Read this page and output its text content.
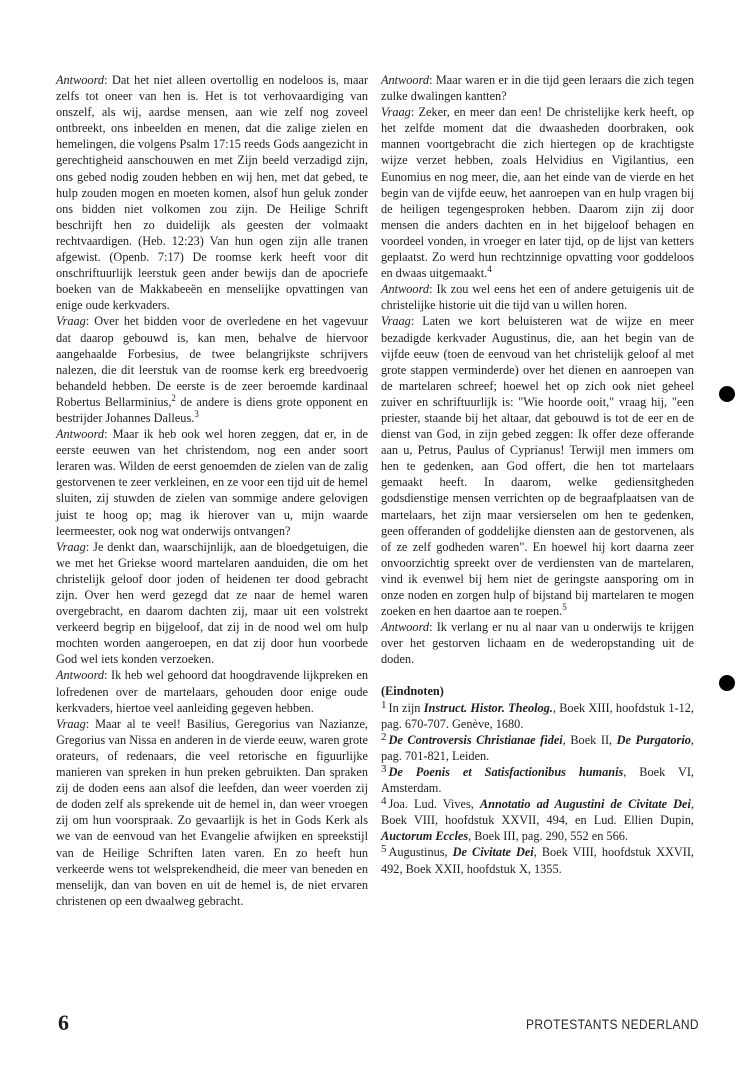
Antwoord: Dat het niet alleen overtollig en nodeloos is, maar zelfs tot oneer van hen is. Het is tot verhovaardiging van onszelf, als wij, aardse mensen, aan wie zelf nog zoveel ontbreekt, ons inbeelden en menen, dat die zalige zielen en hemelingen, die volgens Psalm 17:15 reeds Gods aangezicht in gerechtigheid aanschouwen en met Zijn beeld verzadigd zijn, ons gebed nodig zouden hebben en wij hen, met dat gebed, te hulp zouden mogen en moeten komen, alsof hun geluk zonder ons bidden niet volkomen zou zijn. De Heilige Schrift beschrijft hen zo duidelijk als geesten der volmaakt rechtvaardigen. (Heb. 12:23) Van hun ogen zijn alle tranen afgewist. (Openb. 7:17) De roomse kerk heeft voor dit onschriftuurlijk leerstuk geen ander bewijs dan de apocriefe boeken van de Makkabeeën en menselijke opvattingen van enige oude kerkvaders.

Vraag: Over het bidden voor de overledene en het vagevuur dat daarop gebouwd is, kan men, behalve de hiervoor aangehaalde Forbesius, de twee belangrijkste schrijvers nalezen, die dit leerstuk van de roomse kerk erg breedvoerig behandeld hebben. De eerste is de zeer beroemde kardinaal Robertus Bellarminius,$^2$ de andere is diens grote opponent en bestrijder Johannes Dalleus.$^3$

Antwoord: Maar ik heb ook wel horen zeggen, dat er, in de eerste eeuwen van het christendom, nog een ander soort leraren was. Wilden de eerst genoemden de zielen van de zalig gestorvenen te zeer verkleinen, en ze voor een tijd uit de hemel sluiten, zij stuwden de zielen van sommige andere gelovigen juist te hoog op; mag ik hierover van u, mijn waarde leermeester, ook nog wat onderwijs ontvangen?

Vraag: Je denkt dan, waarschijnlijk, aan de bloedgetuigen, die we met het Griekse woord martelaren aanduiden, die om het christelijk geloof door joden of heidenen ter dood gebracht zijn. Over hen werd gezegd dat ze naar de hemel waren overgebracht, en daarom dachten zij, maar uit een volstrekt verkeerd begrip en bijgeloof, dat zij in de nood wel om hulp mochten worden aangeroepen, en dat zij door hun voorbede God wel iets konden verzoeken.

Antwoord: Ik heb wel gehoord dat hoogdravende lijkpreken en lofredenen over de martelaars, gehouden door enige oude kerkvaders, hiertoe veel aanleiding gegeven hebben.

Vraag: Maar al te veel! Basilius, Geregorius van Nazianze, Gregorius van Nissa en anderen in de vierde eeuw, waren grote orateurs, of redenaars, die veel retorische en figuurlijke manieren van spreken in hun preken gebruikten. Dan spraken zij de doden eens aan alsof die leefden, dan weer voerden zij de doden zelf als sprekende uit de hemel in, dan weer vroegen zij om hun voorspraak. Zo gevaarlijk is het in Gods Kerk als we van de eenvoud van het Evangelie afwijken en spreekstijl van de Heilige Schriften laten varen. En zo heeft hun verkeerde wens tot welsprekendheid, die meer van beneden en menselijk, dan van boven en uit de hemel is, de niet ervaren christenen op een dwaalweg gebracht.

Antwoord: Maar waren er in die tijd geen leraars die zich tegen zulke dwalingen kantten?

Vraag: Zeker, en meer dan een! De christelijke kerk heeft, op het zelfde moment dat die dwaasheden doorbraken, ook mannen voortgebracht die zich hiertegen op de krachtigste wijze verzet hebben, zoals Helvidius en Vigilantius, een Eunomius en nog meer, die, aan het einde van de vierde en het begin van de vijfde eeuw, het aanroepen van en hulp vragen bij de heiligen tegengesproken hebben. Daarom zijn zij door mensen die anders dachten en in het bijgeloof behagen en voordeel vonden, in vroeger en later tijd, op de lijst van ketters geplaatst. Zo werd hun rechtzinnige opvatting voor goddeloos en dwaas uitgemaakt.$^4$

Antwoord: Ik zou wel eens het een of andere getuigenis uit de christelijke historie uit die tijd van u willen horen.

Vraag: Laten we kort beluisteren wat de wijze en meer bezadigde kerkvader Augustinus, die, aan het begin van de vijfde eeuw (toen de eenvoud van het christelijk geloof al met grote stappen verminderde) over het dienen en aanroepen van de martelaren schreef; hoewel het op zich ook niet geheel zuiver en schriftuurlijk is: "Wie hoorde ooit," vraag hij, "een priester, staande bij het altaar, dat gebouwd is tot de eer en de dienst van God, in zijn gebed zeggen: Ik offer deze offerande aan u, Petrus, Paulus of Cyprianus! Terwijl men immers om hen te gedenken, aan God offert, die hen tot martelaars gemaakt heeft. In daarom, welke gediensitgheden godsdienstige mensen verrichten op de begraafplaatsen van de martelaars, het zijn maar versierselen om hen te gedenken, geen offeranden of goddelijke diensten aan de gestorvenen, als of ze zelf godheden waren". En hoewel hij kort daarna zeer onvoorzichtig spreekt over de verdiensten van de martelaren, vind ik evenwel bij hem niet de geringste aansporing om in onze noden en zorgen hulp of bijstand bij martelaren te mogen zoeken en hen daartoe aan te roepen.$^5$

Antwoord: Ik verlang er nu al naar van u onderwijs te krijgen over het gestorven lichaam en de wederopstanding uit de doden.

(Eindnoten)

1 In zijn Instruct. Histor. Theolog., Boek XIII, hoofdstuk 1-12, pag. 670-707. Genève, 1680.

2 De Controversis Christianae fidei, Boek II, De Purgatorio, pag. 701-821, Leiden.

3 De Poenis et Satisfactionibus humanis, Boek VI, Amsterdam.

4 Joa. Lud. Vives, Annotatio ad Augustini de Civitate Dei, Boek VIII, hoofdstuk XXVII, 494, en Lud. Ellien Dupin, Auctorum Eccles, Boek III, pag. 290, 552 en 566.

5 Augustinus, De Civitate Dei, Boek VIII, hoofdstuk XXVII, 492, Boek XXII, hoofdstuk X, 1355.

6	PROTESTANTS NEDERLAND
